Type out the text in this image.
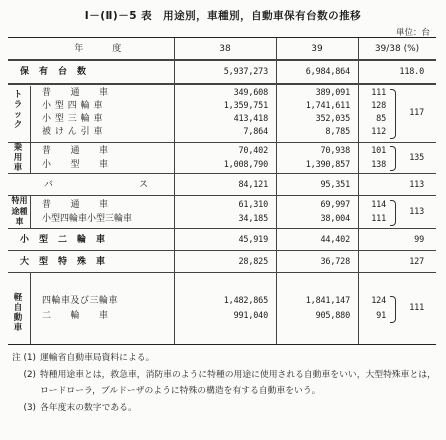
Ⅰ－(Ⅱ)－5 表　用途別，車種別，自動車保有台数の推移
単位：台
年　　　度	38	39	39/38 (%)
保　有　台　数	5,937,273	6,984,864	118.0
トラック
普　　通　　車	349,608	389,091	111
小 型 四 輪 車	1,359,751	1,741,611	128
小 型 三 輪 車	413,418	352,035	85
被 け ん 引 車	7,864	8,785	112
117
乗用車
普　　通　　車	70,402	70,938	101
小　　型　　車	1,008,790	1,390,857	138
135
バ　　　　　　　　　ス	84,121	95,351	113
特用途種車
普　　通　　車	61,310	69,997	114
小型四輪車小型三輪車	34,185	38,004	111
113
小　型　二　輪　車	45,919	44,402	99
大　型　特　殊　車	28,825	36,728	127
軽自動車
四輪車及び三輪車	1,482,865	1,841,147	124
二　　輪　　車	991,040	905,880	91
111
注 (1) 運輸省自動車局資料による。
(2) 特種用途車とは，救急車，消防車のように特種の用途に使用される自動車をいい，大型特殊車とは，ロードローラ，ブルドーザのように特殊の構造を有する自動車をいう。
(3) 各年度末の数字である。
